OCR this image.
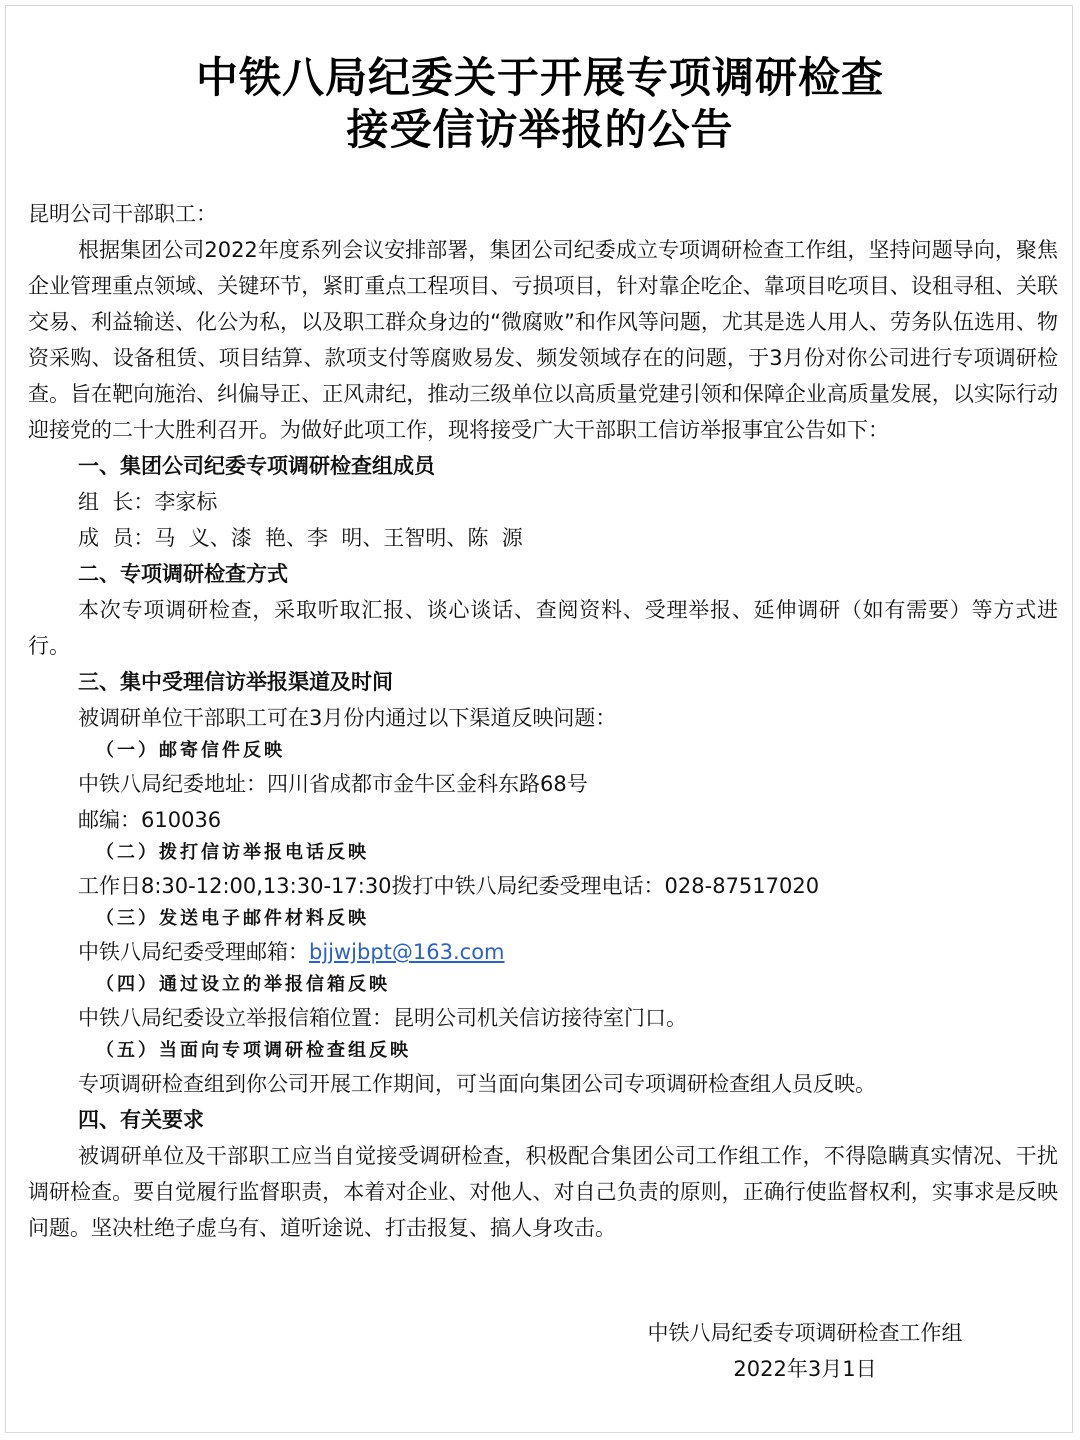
中铁八局纪委关于开展专项调研检查
接受信访举报的公告
昆明公司干部职工：
根据集团公司2022年度系列会议安排部署，集团公司纪委成立专项调研检查工作组，坚持问题导向，聚焦企业管理重点领域、关键环节，紧盯重点工程项目、亏损项目，针对靠企吃企、靠项目吃项目、设租寻租、关联交易、利益输送、化公为私，以及职工群众身边的“微腐败”和作风等问题，尤其是选人用人、劳务队伍选用、物资采购、设备租赁、项目结算、款项支付等腐败易发、频发领域存在的问题，于3月份对你公司进行专项调研检查。旨在靶向施治、纠偏导正、正风肃纪，推动三级单位以高质量党建引领和保障企业高质量发展，以实际行动迎接党的二十大胜利召开。为做好此项工作，现将接受广大干部职工信访举报事宜公告如下：
一、集团公司纪委专项调研检查组成员
组  长：李家标
成  员：马  义、漆  艳、李  明、王智明、陈  源
二、专项调研检查方式
本次专项调研检查，采取听取汇报、谈心谈话、查阅资料、受理举报、延伸调研（如有需要）等方式进行。
三、集中受理信访举报渠道及时间
被调研单位干部职工可在3月份内通过以下渠道反映问题：
（一）邮寄信件反映
中铁八局纪委地址：四川省成都市金牛区金科东路68号
邮编：610036
（二）拨打信访举报电话反映
工作日8:30-12:00,13:30-17:30拨打中铁八局纪委受理电话：028-87517020
（三）发送电子邮件材料反映
中铁八局纪委受理邮箱：bjjwjbpt@163.com
（四）通过设立的举报信箱反映
中铁八局纪委设立举报信箱位置：昆明公司机关信访接待室门口。
（五）当面向专项调研检查组反映
专项调研检查组到你公司开展工作期间，可当面向集团公司专项调研检查组人员反映。
四、有关要求
被调研单位及干部职工应当自觉接受调研检查，积极配合集团公司工作组工作，不得隐瞒真实情况、干扰调研检查。要自觉履行监督职责，本着对企业、对他人、对自己负责的原则，正确行使监督权利，实事求是反映问题。坚决杜绝子虚乌有、道听途说、打击报复、搞人身攻击。
中铁八局纪委专项调研检查工作组
2022年3月1日
